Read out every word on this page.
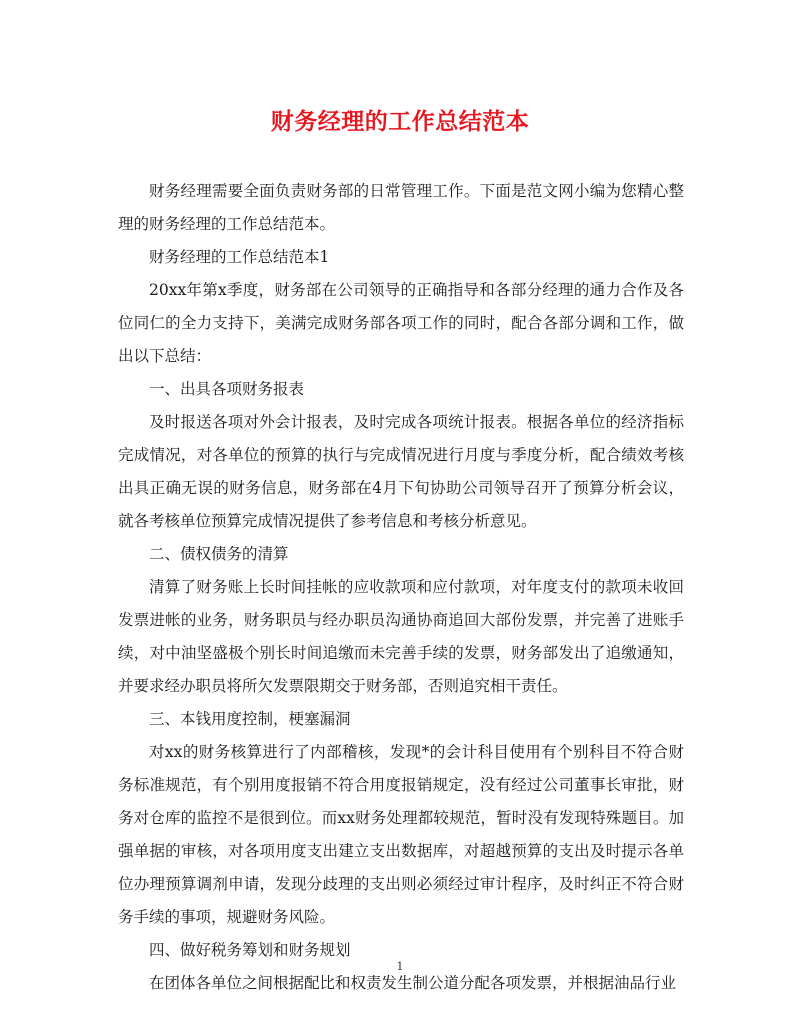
财务经理的工作总结范本

财务经理需要全面负责财务部的日常管理工作。下面是范文网小编为您精心整理的财务经理的工作总结范本。

财务经理的工作总结范本1

20xx年第x季度，财务部在公司领导的正确指导和各部分经理的通力合作及各位同仁的全力支持下，美满完成财务部各项工作的同时，配合各部分调和工作，做出以下总结：

一、出具各项财务报表

及时报送各项对外会计报表，及时完成各项统计报表。根据各单位的经济指标完成情况，对各单位的预算的执行与完成情况进行月度与季度分析，配合绩效考核出具正确无误的财务信息，财务部在4月下旬协助公司领导召开了预算分析会议，就各考核单位预算完成情况提供了参考信息和考核分析意见。

二、债权债务的清算

清算了财务账上长时间挂帐的应收款项和应付款项，对年度支付的款项未收回发票进帐的业务，财务职员与经办职员沟通协商追回大部份发票，并完善了进账手续，对中油坚盛极个别长时间追缴而未完善手续的发票，财务部发出了追缴通知，并要求经办职员将所欠发票限期交于财务部，否则追究相干责任。

三、本钱用度控制，梗塞漏洞

对xx的财务核算进行了内部稽核，发现*的会计科目使用有个别科目不符合财务标准规范，有个别用度报销不符合用度报销规定，没有经过公司董事长审批，财务对仓库的监控不是很到位。而xx财务处理都较规范，暂时没有发现特殊题目。加强单据的审核，对各项用度支出建立支出数据库，对超越预算的支出及时提示各单位办理预算调剂申请，发现分歧理的支出则必须经过审计程序，及时纠正不符合财务手续的事项，规避财务风险。

四、做好税务筹划和财务规划

在团体各单位之间根据配比和权责发生制公道分配各项发票，并根据油品行业

1
